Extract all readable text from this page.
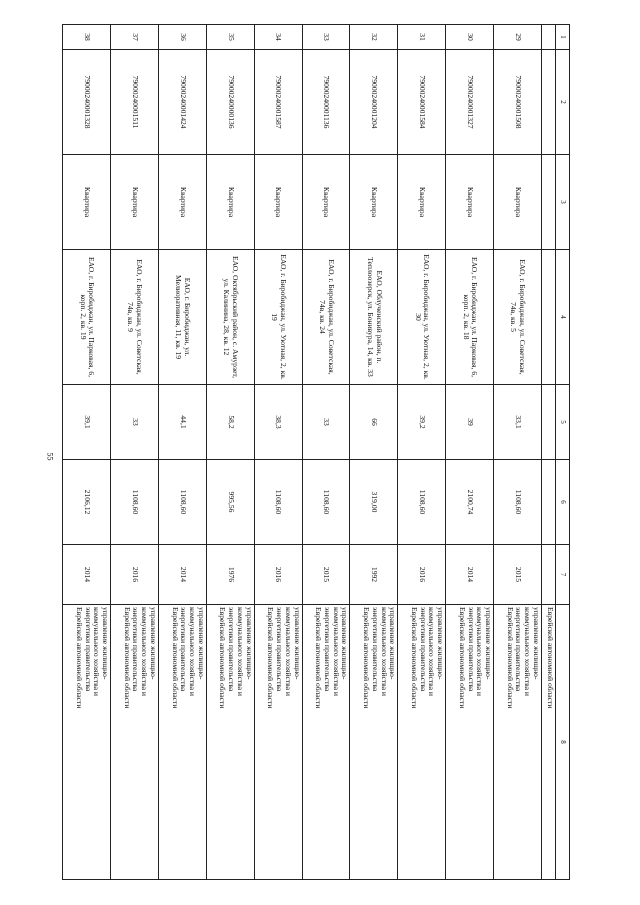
55
1	2	3	4	5	6	7	8

							Еврейской автономной области

29	79000240001508	Квартира	ЕАО, г. Биробиджан, ул. Советская, 74в, кв. 5	33,1	1108,60	2015	управление жилищно-
коммунального хозяйства и
энергетики правительства
Еврейской автономной области

30	79000240001327	Квартира	ЕАО, г. Биробиджан, ул. Парковая, 6, корп. 2, кв. 18	39	2100,74	2014	управление жилищно-
коммунального хозяйства и
энергетики правительства
Еврейской автономной области

31	79000240001584	Квартира	ЕАО, г. Биробиджан, ул. Уютная, 2, кв. 30	39,2	1108,60	2016	управление жилищно-
коммунального хозяйства и
энергетики правительства
Еврейской автономной области

32	79000240001204	Квартира	ЕАО, Облученский район, п. Теплоозерск, ул. Бонивура, 14, кв. 33	66	319,00	1992	управление жилищно-
коммунального хозяйства и
энергетики правительства
Еврейской автономной области

33	79000240001136	Квартира	ЕАО, г. Биробиджан, ул. Советская, 74в, кв. 24	33	1108,60	2015	управление жилищно-
коммунального хозяйства и
энергетики правительства
Еврейской автономной области

34	79000240001587	Квартира	ЕАО, г. Биробиджан, ул. Уютная, 2, кв. 19	38,3	1108,60	2016	управление жилищно-
коммунального хозяйства и
энергетики правительства
Еврейской автономной области

35	79000240000136	Квартира	ЕАО, Октябрьский район, с. Амурзет, ул. Калинина, 28, кв. 12	58,2	995,56	1976	управление жилищно-
коммунального хозяйства и
энергетики правительства
Еврейской автономной области

36	79000240001424	Квартира	ЕАО, г. Биробиджан, ул. Мелиоративная, 11, кв. 19	44,1	1108,60	2014	управление жилищно-
коммунального хозяйства и
энергетики правительства
Еврейской автономной области

37	79000240001511	Квартира	ЕАО, г. Биробиджан, ул. Советская, 74в, кв. 9	33	1108,60	2016	управление жилищно-
коммунального хозяйства и
энергетики правительства
Еврейской автономной области

38	79000240001328	Квартира	ЕАО, г. Биробиджан, ул. Парковая, 6, корп. 2, кв. 19	39,1	2106,12	2014	управление жилищно-
коммунального хозяйства и
энергетики правительства
Еврейской автономной области
